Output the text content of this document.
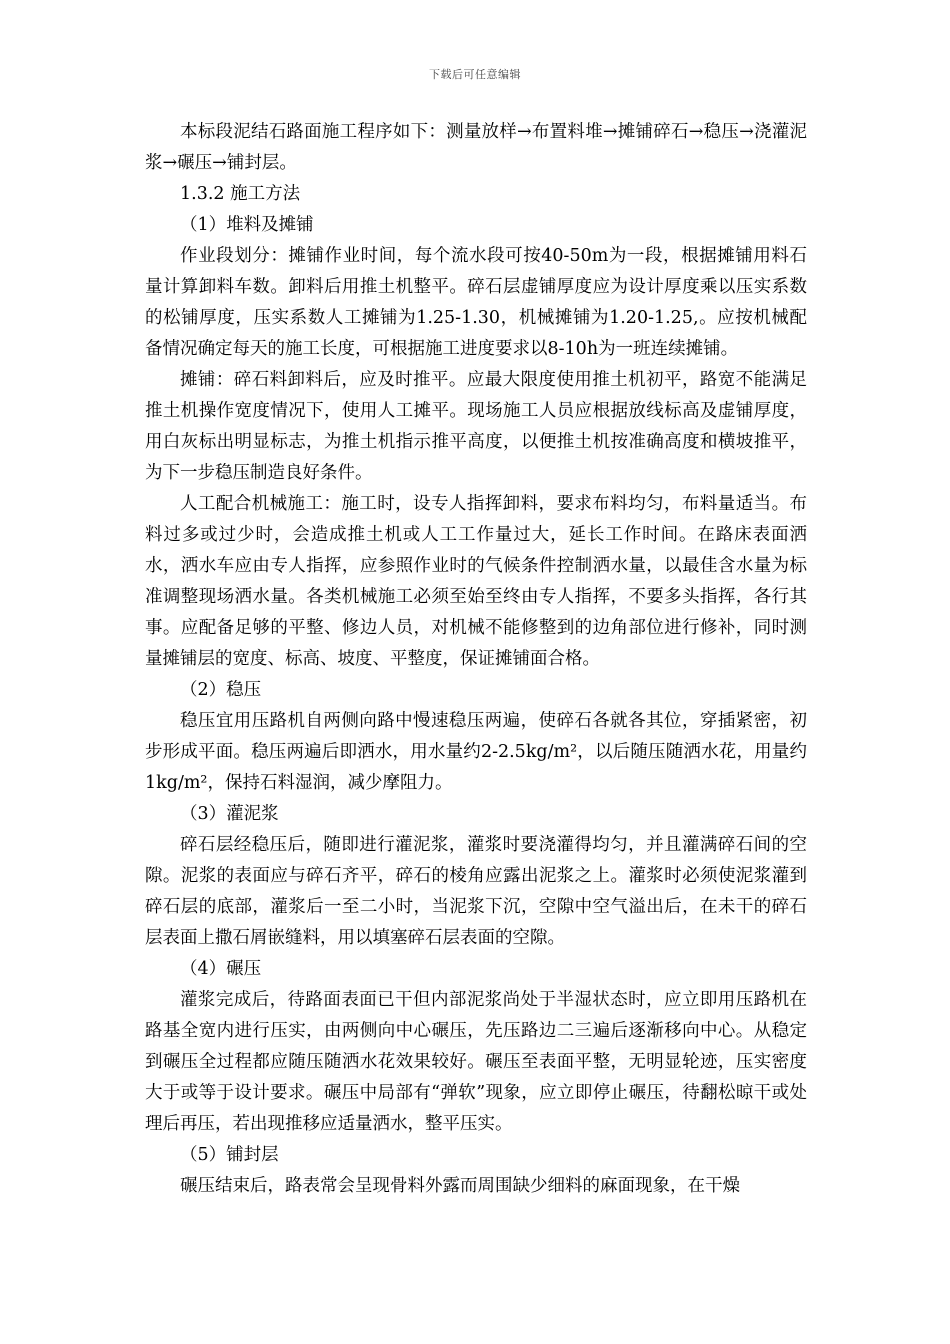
下载后可任意编辑

本标段泥结石路面施工程序如下：测量放样→布置料堆→摊铺碎石→稳压→浇灌泥浆→碾压→铺封层。

1.3.2 施工方法

（1）堆料及摊铺

作业段划分：摊铺作业时间，每个流水段可按40-50m为一段，根据摊铺用料石量计算卸料车数。卸料后用推土机整平。碎石层虚铺厚度应为设计厚度乘以压实系数的松铺厚度，压实系数人工摊铺为1.25-1.30，机械摊铺为1.20-1.25,。应按机械配备情况确定每天的施工长度，可根据施工进度要求以8-10h为一班连续摊铺。

摊铺：碎石料卸料后，应及时推平。应最大限度使用推土机初平，路宽不能满足推土机操作宽度情况下，使用人工摊平。现场施工人员应根据放线标高及虚铺厚度，用白灰标出明显标志，为推土机指示推平高度，以便推土机按准确高度和横坡推平，为下一步稳压制造良好条件。

人工配合机械施工：施工时，设专人指挥卸料，要求布料均匀，布料量适当。布料过多或过少时，会造成推土机或人工工作量过大，延长工作时间。在路床表面洒水，洒水车应由专人指挥，应参照作业时的气候条件控制洒水量，以最佳含水量为标准调整现场洒水量。各类机械施工必须至始至终由专人指挥，不要多头指挥，各行其事。应配备足够的平整、修边人员，对机械不能修整到的边角部位进行修补，同时测量摊铺层的宽度、标高、坡度、平整度，保证摊铺面合格。

（2）稳压

稳压宜用压路机自两侧向路中慢速稳压两遍，使碎石各就各其位，穿插紧密，初步形成平面。稳压两遍后即洒水，用水量约2-2.5kg/m²，以后随压随洒水花，用量约1kg/m²，保持石料湿润，减少摩阻力。

（3）灌泥浆

碎石层经稳压后，随即进行灌泥浆，灌浆时要浇灌得均匀，并且灌满碎石间的空隙。泥浆的表面应与碎石齐平，碎石的棱角应露出泥浆之上。灌浆时必须使泥浆灌到碎石层的底部，灌浆后一至二小时，当泥浆下沉，空隙中空气溢出后，在未干的碎石层表面上撒石屑嵌缝料，用以填塞碎石层表面的空隙。

（4）碾压

灌浆完成后，待路面表面已干但内部泥浆尚处于半湿状态时，应立即用压路机在路基全宽内进行压实，由两侧向中心碾压，先压路边二三遍后逐渐移向中心。从稳定到碾压全过程都应随压随洒水花效果较好。碾压至表面平整，无明显轮迹，压实密度大于或等于设计要求。碾压中局部有“弹软”现象，应立即停止碾压，待翻松晾干或处理后再压，若出现推移应适量洒水，整平压实。

（5）铺封层

碾压结束后，路表常会呈现骨料外露而周围缺少细料的麻面现象，在干燥
